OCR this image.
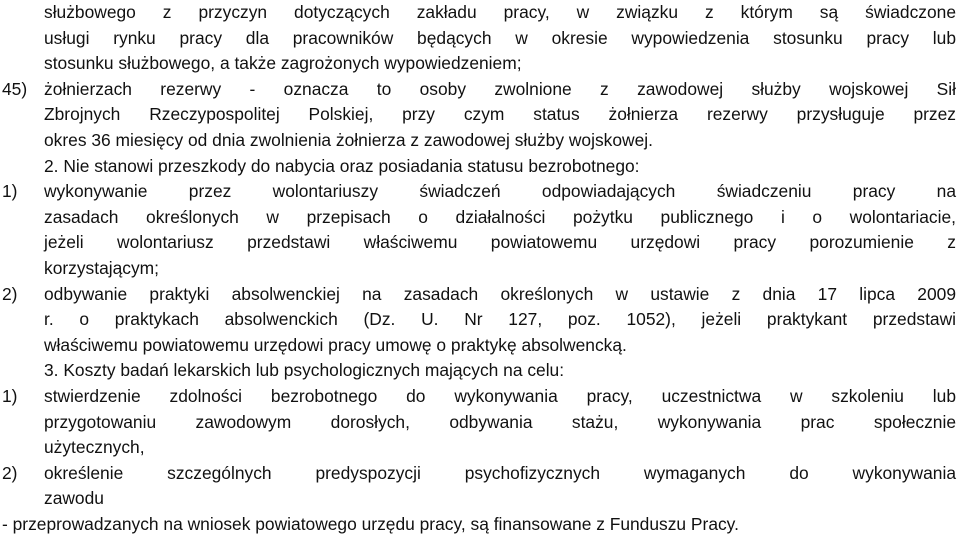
służbowego z przyczyn dotyczących zakładu pracy, w związku z którym są świadczone
usługi rynku pracy dla pracowników będących w okresie wypowiedzenia stosunku pracy lub
stosunku służbowego, a także zagrożonych wypowiedzeniem;
45) żołnierzach rezerwy - oznacza to osoby zwolnione z zawodowej służby wojskowej Sił
Zbrojnych Rzeczypospolitej Polskiej, przy czym status żołnierza rezerwy przysługuje przez
okres 36 miesięcy od dnia zwolnienia żołnierza z zawodowej służby wojskowej.
2. Nie stanowi przeszkody do nabycia oraz posiadania statusu bezrobotnego:
1) wykonywanie przez wolontariuszy świadczeń odpowiadających świadczeniu pracy na
zasadach określonych w przepisach o działalności pożytku publicznego i o wolontariacie,
jeżeli wolontariusz przedstawi właściwemu powiatowemu urzędowi pracy porozumienie z
korzystającym;
2) odbywanie praktyki absolwenckiej na zasadach określonych w ustawie z dnia 17 lipca 2009
r. o praktykach absolwenckich (Dz. U. Nr 127, poz. 1052), jeżeli praktykant przedstawi
właściwemu powiatowemu urzędowi pracy umowę o praktykę absolwencką.
3. Koszty badań lekarskich lub psychologicznych mających na celu:
1) stwierdzenie zdolności bezrobotnego do wykonywania pracy, uczestnictwa w szkoleniu lub
przygotowaniu zawodowym dorosłych, odbywania stażu, wykonywania prac społecznie
użytecznych,
2) określenie szczególnych predyspozycji psychofizycznych wymaganych do wykonywania
zawodu
- przeprowadzanych na wniosek powiatowego urzędu pracy, są finansowane z Funduszu Pracy.
